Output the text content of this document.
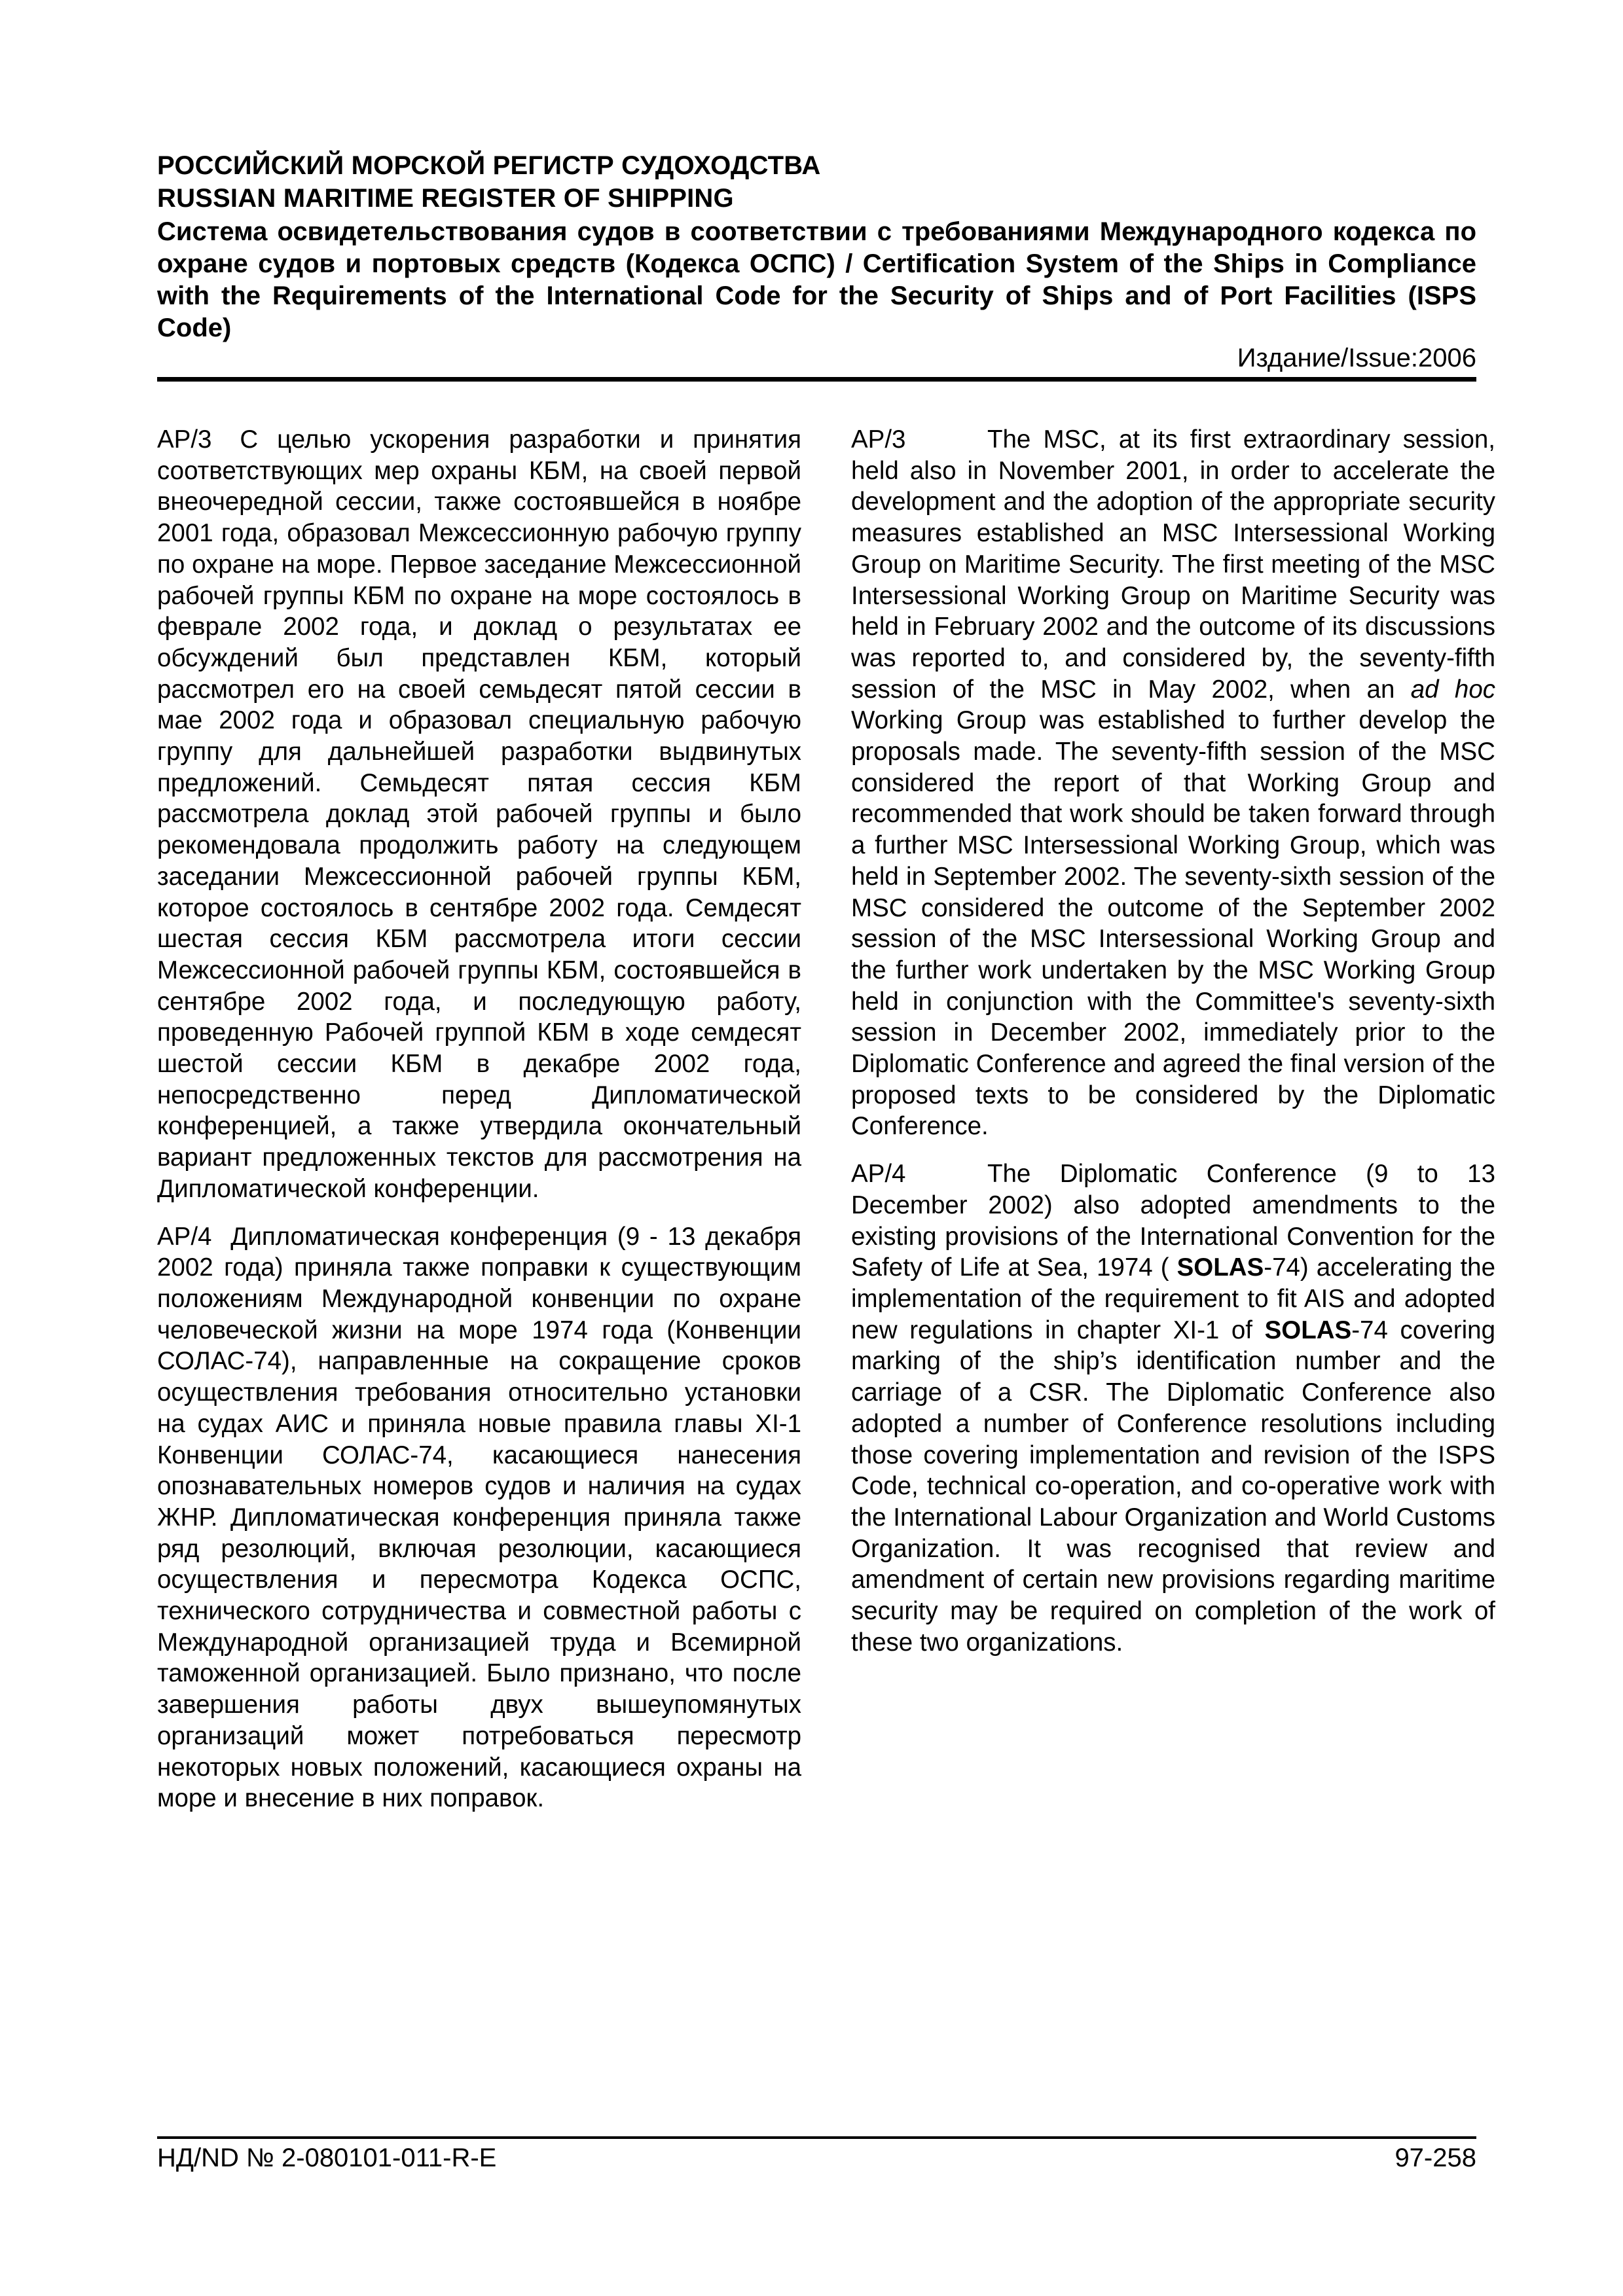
РОССИЙСКИЙ МОРСКОЙ РЕГИСТР СУДОХОДСТВА
RUSSIAN MARITIME REGISTER OF SHIPPING
Система освидетельствования судов в соответствии с требованиями Международного кодекса по охране судов и портовых средств (Кодекса ОСПС) / Certification System of the Ships in Compliance with the Requirements of the International Code for the Security of Ships and of Port Facilities (ISPS Code)
Издание/Issue:2006

AP/3 С целью ускорения разработки и принятия соответствующих мер охраны КБМ, на своей первой внеочередной сессии, также состоявшейся в ноябре 2001 года, образовал Межсессионную рабочую группу по охране на море. Первое заседание Межсессионной рабочей группы КБМ по охране на море состоялось в феврале 2002 года, и доклад о результатах ее обсуждений был представлен КБМ, который рассмотрел его на своей семьдесят пятой сессии в мае 2002 года и образовал специальную рабочую группу для дальнейшей разработки выдвинутых предложений. Семьдесят пятая сессия КБМ рассмотрела доклад этой рабочей группы и было рекомендовала продолжить работу на следующем заседании Межсессионной рабочей группы КБМ, которое состоялось в сентябре 2002 года. Семдесят шестая сессия КБМ рассмотрела итоги сессии Межсессионной рабочей группы КБМ, состоявшейся в сентябре 2002 года, и последующую работу, проведенную Рабочей группой КБМ в ходе семдесят шестой сессии КБМ в декабре 2002 года, непосредственно перед Дипломатической конференцией, а также утвердила окончательный вариант предложенных текстов для рассмотрения на Дипломатической конференции.

AP/4 Дипломатическая конференция (9 - 13 декабря 2002 года) приняла также поправки к существующим положениям Международной конвенции по охране человеческой жизни на море 1974 года (Конвенции СОЛАС-74), направленные на сокращение сроков осуществления требования относительно установки на судах АИС и приняла новые правила главы XI-1 Конвенции СОЛАС-74, касающиеся нанесения опознавательных номеров судов и наличия на судах ЖНР. Дипломатическая конференция приняла также ряд резолюций, включая резолюции, касающиеся осуществления и пересмотра Кодекса ОСПС, технического сотрудничества и совместной работы с Международной организацией труда и Всемирной таможенной организацией. Было признано, что после завершения работы двух вышеупомянутых организаций может потребоваться пересмотр некоторых новых положений, касающиеся охраны на море и внесение в них поправок.

AP/3	The MSC, at its first extraordinary session, held also in November 2001, in order to accelerate the development and the adoption of the appropriate security measures established an MSC Intersessional Working Group on Maritime Security. The first meeting of the MSC Intersessional Working Group on Maritime Security was held in February 2002 and the outcome of its discussions was reported to, and considered by, the seventy-fifth session of the MSC in May 2002, when an ad hoc Working Group was established to further develop the proposals made. The seventy-fifth session of the MSC considered the report of that Working Group and recommended that work should be taken forward through a further MSC Intersessional Working Group, which was held in September 2002. The seventy-sixth session of the MSC considered the outcome of the September 2002 session of the MSC Intersessional Working Group and the further work undertaken by the MSC Working Group held in conjunction with the Committee's seventy-sixth session in December 2002, immediately prior to the Diplomatic Conference and agreed the final version of the proposed texts to be considered by the Diplomatic Conference.

AP/4	The Diplomatic Conference (9 to 13 December 2002) also adopted amendments to the existing provisions of the International Convention for the Safety of Life at Sea, 1974 ( SOLAS-74) accelerating the implementation of the requirement to fit AIS and adopted new regulations in chapter XI-1 of SOLAS-74 covering marking of the ship’s identification number and the carriage of a CSR. The Diplomatic Conference also adopted a number of Conference resolutions including those covering implementation and revision of the ISPS Code, technical co-operation, and co-operative work with the International Labour Organization and World Customs Organization. It was recognised that review and amendment of certain new provisions regarding maritime security may be required on completion of the work of these two organizations.

НД/ND № 2-080101-011-R-E	97-258
